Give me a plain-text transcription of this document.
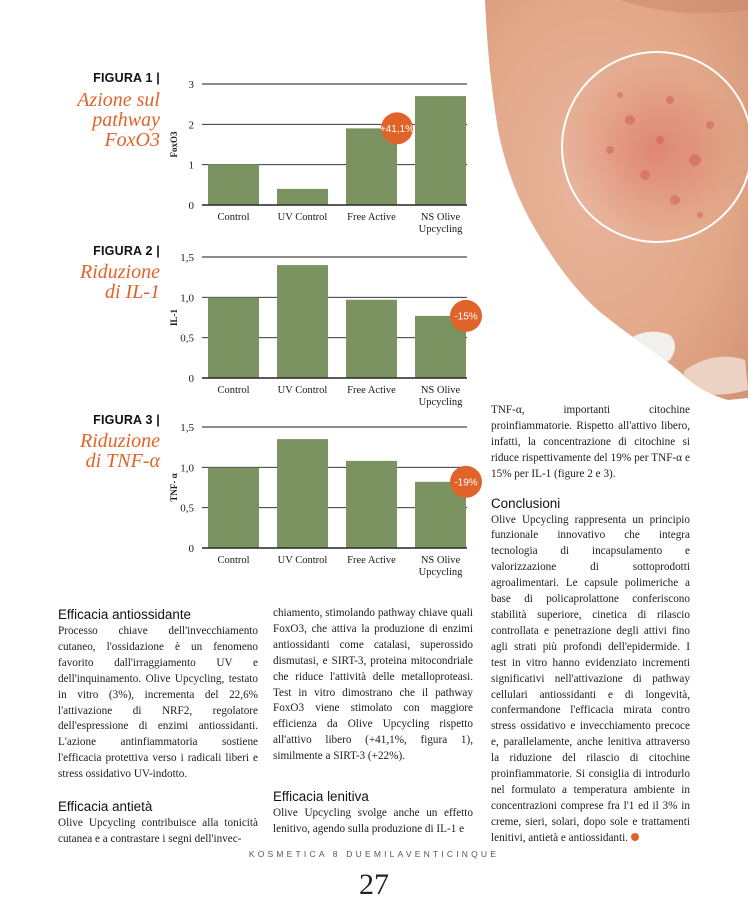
FIGURA 1 |
Azione sul
pathway
FoxO3
0
1
2
3
FoxO3
Control	UV Control Free Active NS Olive
Upcycling
+41,1%
FIGURA 2 |
Riduzione
di IL-1
0
0,5
1,0
1,5
IL-1
Control	UV Control Free Active NS Olive
Upcycling
-15%
FIGURA 3 |
Riduzione
di TNF-α
0
0,5
1,0
1,5
TNF- α
Control	UV Control Free Active NS Olive
Upcycling
-19%
Efficacia antiossidante

Processo chiave dell'invecchiamento cutaneo, l'ossidazione è un fenomeno favorito dall'irraggiamento UV e dell'inquinamento. Olive Upcycling, testato in vitro (3%), incrementa del 22,6% l'attivazione di NRF2, regolatore dell'espressione di enzimi antiossidanti. L'azione antinfiammatoria sostiene l'efficacia protettiva verso i radicali liberi e stress ossidativo UV-indotto.

Efficacia antietà

Olive Upcycling contribuisce alla tonicità cutanea e a contrastare i segni dell'invec-

chiamento, stimolando pathway chiave quali FoxO3, che attiva la produzione di enzimi antiossidanti come catalasi, superossido dismutasi, e SIRT-3, proteina mitocondriale che riduce l'attività delle metalloproteasi. Test in vitro dimostrano che il pathway FoxO3 viene stimolato con maggiore efficienza da Olive Upcycling rispetto all'attivo libero (+41,1%, figura 1), similmente a SIRT-3 (+22%).

Efficacia lenitiva

Olive Upcycling svolge anche un effetto lenitivo, agendo sulla produzione di IL-1 e

TNF-α, importanti citochine proinfiammatorie. Rispetto all'attivo libero, infatti, la concentrazione di citochine si riduce rispettivamente del 19% per TNF-α e 15% per IL-1 (figure 2 e 3).

Conclusioni

Olive Upcycling rappresenta un principio funzionale innovativo che integra tecnologia di incapsulamento e valorizzazione di sottoprodotti agroalimentari. Le capsule polimeriche a base di policaprolattone conferiscono stabilità superiore, cinetica di rilascio controllata e penetrazione degli attivi fino agli strati più profondi dell'epidermide. I test in vitro hanno evidenziato incrementi significativi nell'attivazione di pathway cellulari antiossidanti e di longevità, confermandone l'efficacia mirata contro stress ossidativo e invecchiamento precoce e, parallelamente, anche lenitiva attraverso la riduzione del rilascio di citochine proinfiammatorie. Si consiglia di introdurlo nel formulato a temperatura ambiente in concentrazioni comprese fra l'1 ed il 3% in creme, sieri, solari, dopo sole e trattamenti lenitivi, antietà e antiossidanti.

KOSMETICA 8 DUEMILAVENTICINQUE
27
